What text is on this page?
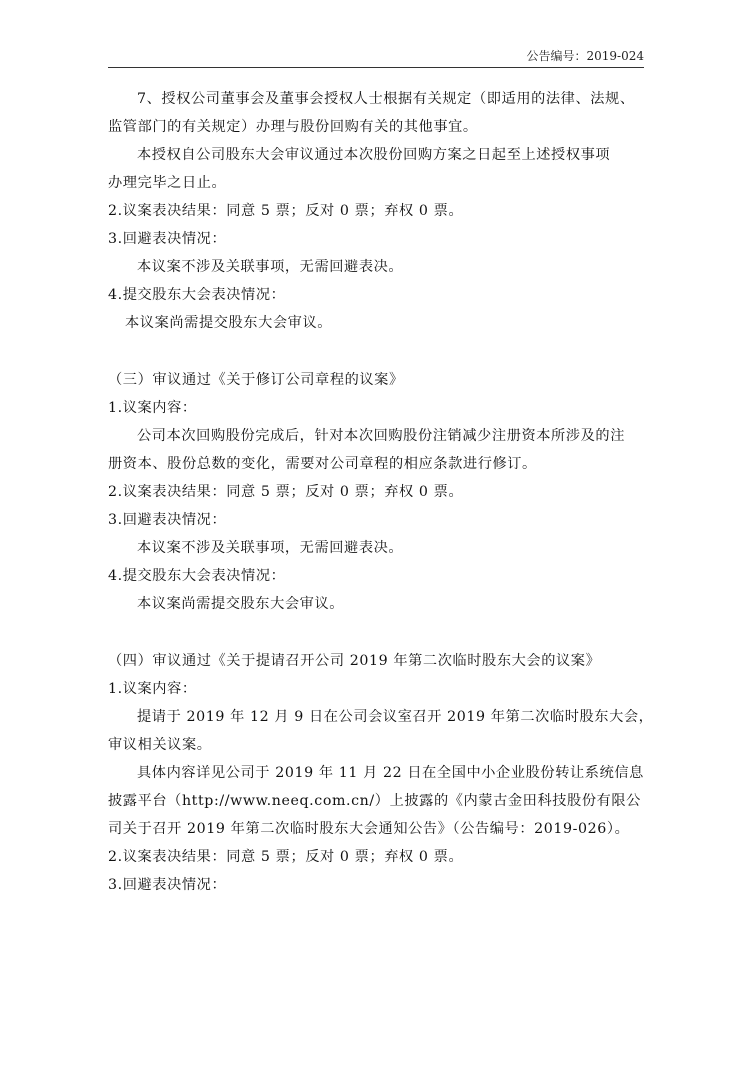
公告编号：2019-024

7、授权公司董事会及董事会授权人士根据有关规定（即适用的法律、法规、

监管部门的有关规定）办理与股份回购有关的其他事宜。

本授权自公司股东大会审议通过本次股份回购方案之日起至上述授权事项

办理完毕之日止。

2.议案表决结果：同意 5 票；反对 0 票；弃权 0 票。

3.回避表决情况：

本议案不涉及关联事项，无需回避表决。

4.提交股东大会表决情况：

本议案尚需提交股东大会审议。

（三）审议通过《关于修订公司章程的议案》

1.议案内容：

公司本次回购股份完成后，针对本次回购股份注销减少注册资本所涉及的注

册资本、股份总数的变化，需要对公司章程的相应条款进行修订。

2.议案表决结果：同意 5 票；反对 0 票；弃权 0 票。

3.回避表决情况：

本议案不涉及关联事项，无需回避表决。

4.提交股东大会表决情况：

本议案尚需提交股东大会审议。

（四）审议通过《关于提请召开公司 2019 年第二次临时股东大会的议案》

1.议案内容：

提请于 2019 年 12 月 9 日在公司会议室召开 2019 年第二次临时股东大会，

审议相关议案。

具体内容详见公司于 2019 年 11 月 22 日在全国中小企业股份转让系统信息

披露平台（http://www.neeq.com.cn/）上披露的《内蒙古金田科技股份有限公

司关于召开 2019 年第二次临时股东大会通知公告》（公告编号：2019-026）。

2.议案表决结果：同意 5 票；反对 0 票；弃权 0 票。

3.回避表决情况：
